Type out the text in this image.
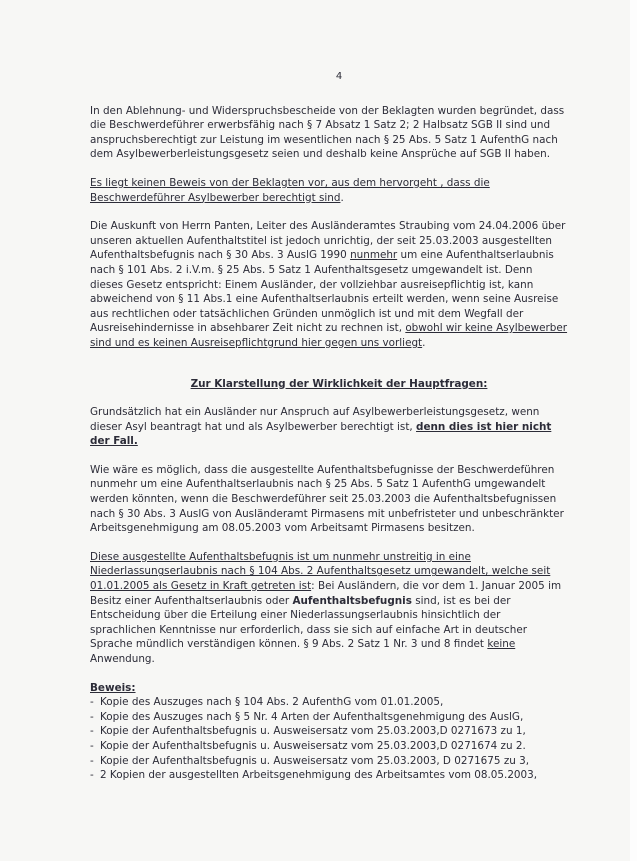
4

In den Ablehnung- und Widerspruchsbescheide von der Beklagten wurden begründet, dass die Beschwerdeführer erwerbsfähig nach § 7 Absatz 1 Satz 2; 2 Halbsatz SGB II sind und anspruchsberechtigt zur Leistung im wesentlichen nach § 25 Abs. 5 Satz 1 AufenthG nach dem Asylbewerberleistungsgesetz seien und deshalb keine Ansprüche auf SGB II haben.

Es liegt keinen Beweis von der Beklagten vor, aus dem hervorgeht , dass die Beschwerdeführer Asylbewerber berechtigt sind.

Die Auskunft von Herrn Panten, Leiter des Ausländeramtes Straubing vom 24.04.2006 über unseren aktuellen Aufenthaltstitel ist jedoch unrichtig, der seit 25.03.2003 ausgestellten Aufenthaltsbefugnis nach § 30 Abs. 3 AuslG 1990 nunmehr um eine Aufenthaltserlaubnis nach § 101 Abs. 2 i.V.m. § 25 Abs. 5 Satz 1 Aufenthaltsgesetz umgewandelt ist. Denn dieses Gesetz entspricht: Einem Ausländer, der vollziehbar ausreisepflichtig ist, kann abweichend von § 11 Abs.1 eine Aufenthaltserlaubnis erteilt werden, wenn seine Ausreise aus rechtlichen oder tatsächlichen Gründen unmöglich ist und mit dem Wegfall der Ausreisehindernisse in absehbarer Zeit nicht zu rechnen ist, obwohl wir keine Asylbewerber sind und es keinen Ausreisepflichtgrund hier gegen uns vorliegt.

Zur Klarstellung der Wirklichkeit der Hauptfragen:

Grundsätzlich hat ein Ausländer nur Anspruch auf Asylbewerberleistungsgesetz, wenn dieser Asyl beantragt hat und als Asylbewerber berechtigt ist, denn dies ist hier nicht der Fall.

Wie wäre es möglich, dass die ausgestellte Aufenthaltsbefugnisse der Beschwerdeführen nunmehr um eine Aufenthaltserlaubnis nach § 25 Abs. 5 Satz 1 AufenthG umgewandelt werden könnten, wenn die Beschwerdeführer seit 25.03.2003 die Aufenthaltsbefugnissen nach § 30 Abs. 3 AuslG von Ausländeramt Pirmasens mit unbefristeter und unbeschränkter Arbeitsgenehmigung am 08.05.2003 vom Arbeitsamt Pirmasens besitzen.

Diese ausgestellte Aufenthaltsbefugnis ist um nunmehr unstreitig in eine Niederlassungserlaubnis nach § 104 Abs. 2 Aufenthaltsgesetz umgewandelt, welche seit 01.01.2005 als Gesetz in Kraft getreten ist: Bei Ausländern, die vor dem 1. Januar 2005 im Besitz einer Aufenthaltserlaubnis oder Aufenthaltsbefugnis sind, ist es bei der Entscheidung über die Erteilung einer Niederlassungserlaubnis hinsichtlich der sprachlichen Kenntnisse nur erforderlich, dass sie sich auf einfache Art in deutscher Sprache mündlich verständigen können. § 9 Abs. 2 Satz 1 Nr. 3 und 8 findet keine Anwendung.

Beweis:
- Kopie des Auszuges nach § 104 Abs. 2 AufenthG vom 01.01.2005,
- Kopie des Auszuges nach § 5 Nr. 4 Arten der Aufenthaltsgenehmigung des AuslG,
- Kopie der Aufenthaltsbefugnis u. Ausweisersatz vom 25.03.2003,D 0271673 zu 1,
- Kopie der Aufenthaltsbefugnis u. Ausweisersatz vom 25.03.2003,D 0271674 zu 2.
- Kopie der Aufenthaltsbefugnis u. Ausweisersatz vom 25.03.2003, D 0271675 zu 3,
- 2 Kopien der ausgestellten Arbeitsgenehmigung des Arbeitsamtes vom 08.05.2003,
